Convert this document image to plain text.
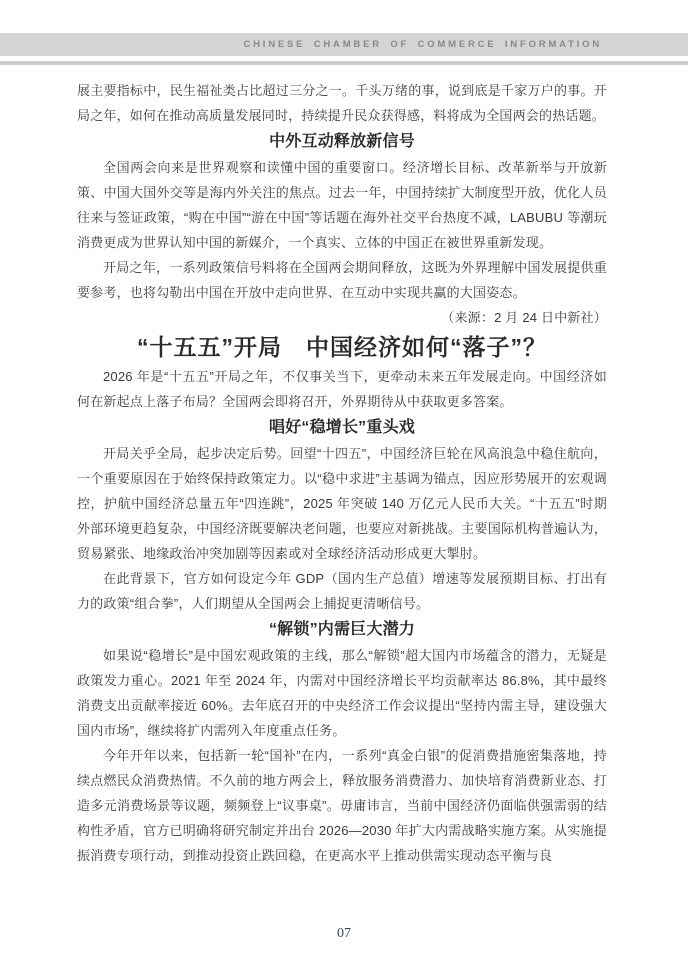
CHINESE CHAMBER OF COMMERCE INFORMATION

展主要指标中，民生福祉类占比超过三分之一。千头万绪的事，说到底是千家万户的事。开局之年，如何在推动高质量发展同时，持续提升民众获得感，料将成为全国两会的热话题。

中外互动释放新信号

全国两会向来是世界观察和读懂中国的重要窗口。经济增长目标、改革新举与开放新策、中国大国外交等是海内外关注的焦点。过去一年，中国持续扩大制度型开放，优化人员往来与签证政策，“购在中国”“游在中国”等话题在海外社交平台热度不减，LABUBU 等潮玩消费更成为世界认知中国的新媒介，一个真实、立体的中国正在被世界重新发现。

开局之年，一系列政策信号料将在全国两会期间释放，这既为外界理解中国发展提供重要参考，也将勾勒出中国在开放中走向世界、在互动中实现共赢的大国姿态。

（来源：2 月 24 日中新社）

“十五五”开局　中国经济如何“落子”？

2026 年是“十五五”开局之年，不仅事关当下，更牵动未来五年发展走向。中国经济如何在新起点上落子布局？全国两会即将召开，外界期待从中获取更多答案。

唱好“稳增长”重头戏

开局关乎全局，起步决定后势。回望“十四五”，中国经济巨轮在风高浪急中稳住航向，一个重要原因在于始终保持政策定力。以“稳中求进”主基调为锚点，因应形势展开的宏观调控，护航中国经济总量五年“四连跳”，2025 年突破 140 万亿元人民币大关。“十五五”时期外部环境更趋复杂，中国经济既要解决老问题，也要应对新挑战。主要国际机构普遍认为，贸易紧张、地缘政治冲突加剧等因素或对全球经济活动形成更大掣肘。

在此背景下，官方如何设定今年 GDP（国内生产总值）增速等发展预期目标、打出有力的政策“组合拳”，人们期望从全国两会上捕捉更清晰信号。

“解锁”内需巨大潜力

如果说“稳增长”是中国宏观政策的主线，那么“解锁”超大国内市场蕴含的潜力，无疑是政策发力重心。2021 年至 2024 年，内需对中国经济增长平均贡献率达 86.8%，其中最终消费支出贡献率接近 60%。去年底召开的中央经济工作会议提出“坚持内需主导，建设强大国内市场”，继续将扩内需列入年度重点任务。

今年开年以来，包括新一轮“国补”在内，一系列“真金白银”的促消费措施密集落地，持续点燃民众消费热情。不久前的地方两会上，释放服务消费潜力、加快培育消费新业态、打造多元消费场景等议题，频频登上“议事桌”。毋庸讳言，当前中国经济仍面临供强需弱的结构性矛盾，官方已明确将研究制定并出台 2026—2030 年扩大内需战略实施方案。从实施提振消费专项行动，到推动投资止跌回稳，在更高水平上推动供需实现动态平衡与良

07
